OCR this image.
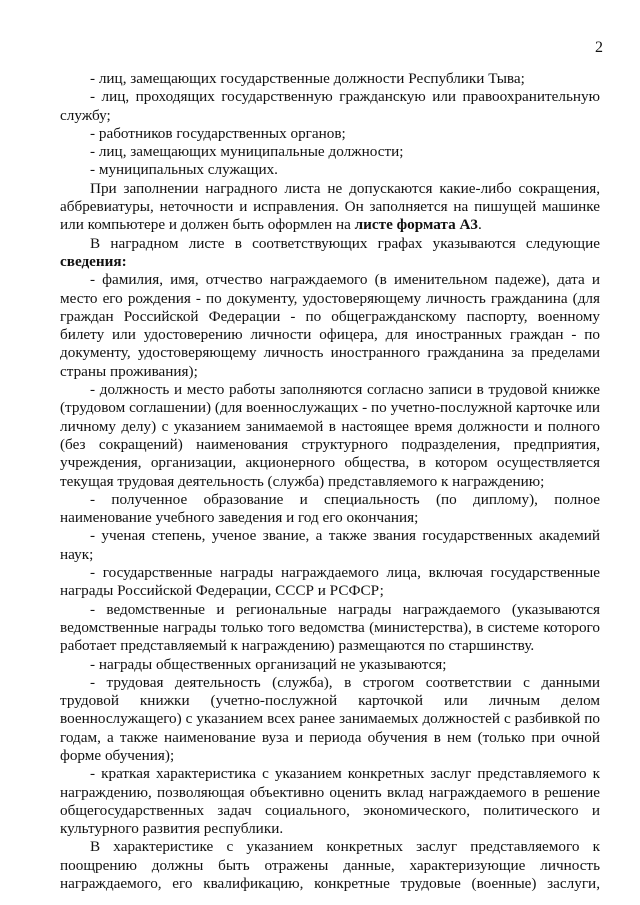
2

- лиц, замещающих государственные должности Республики Тыва;

- лиц, проходящих государственную гражданскую или правоохранительную службу;

- работников государственных органов;

- лиц, замещающих муниципальные должности;

- муниципальных служащих.

При заполнении наградного листа не допускаются какие-либо сокращения, аббревиатуры, неточности и исправления. Он заполняется на пишущей машинке или компьютере и должен быть оформлен на листе формата А3.

В наградном листе в соответствующих графах указываются следующие сведения:

- фамилия, имя, отчество награждаемого (в именительном падеже), дата и место его рождения - по документу, удостоверяющему личность гражданина (для граждан Российской Федерации - по общегражданскому паспорту, военному билету или удостоверению личности офицера, для иностранных граждан - по документу, удостоверяющему личность иностранного гражданина за пределами страны проживания);

- должность и место работы заполняются согласно записи в трудовой книжке (трудовом соглашении) (для военнослужащих - по учетно-послужной карточке или личному делу) с указанием занимаемой в настоящее время должности и полного (без сокращений) наименования структурного подразделения, предприятия, учреждения, организации, акционерного общества, в котором осуществляется текущая трудовая деятельность (служба) представляемого к награждению;

- полученное образование и специальность (по диплому), полное наименование учебного заведения и год его окончания;

- ученая степень, ученое звание, а также звания государственных академий наук;

- государственные награды награждаемого лица, включая государственные награды Российской Федерации, СССР и РСФСР;

- ведомственные и региональные награды награждаемого (указываются ведомственные награды только того ведомства (министерства), в системе которого работает представляемый к награждению) размещаются по старшинству.

- награды общественных организаций не указываются;

- трудовая деятельность (служба), в строгом соответствии с данными трудовой книжки (учетно-послужной карточкой или личным делом военнослужащего) с указанием всех ранее занимаемых должностей с разбивкой по годам, а также наименование вуза и периода обучения в нем (только при очной форме обучения);

- краткая характеристика с указанием конкретных заслуг представляемого к награждению, позволяющая объективно оценить вклад награждаемого в решение общегосударственных задач социального, экономического, политического и культурного развития республики.

В характеристике с указанием конкретных заслуг представляемого к поощрению должны быть отражены данные, характеризующие личность награждаемого, его квалификацию, конкретные трудовые (военные) заслуги,
